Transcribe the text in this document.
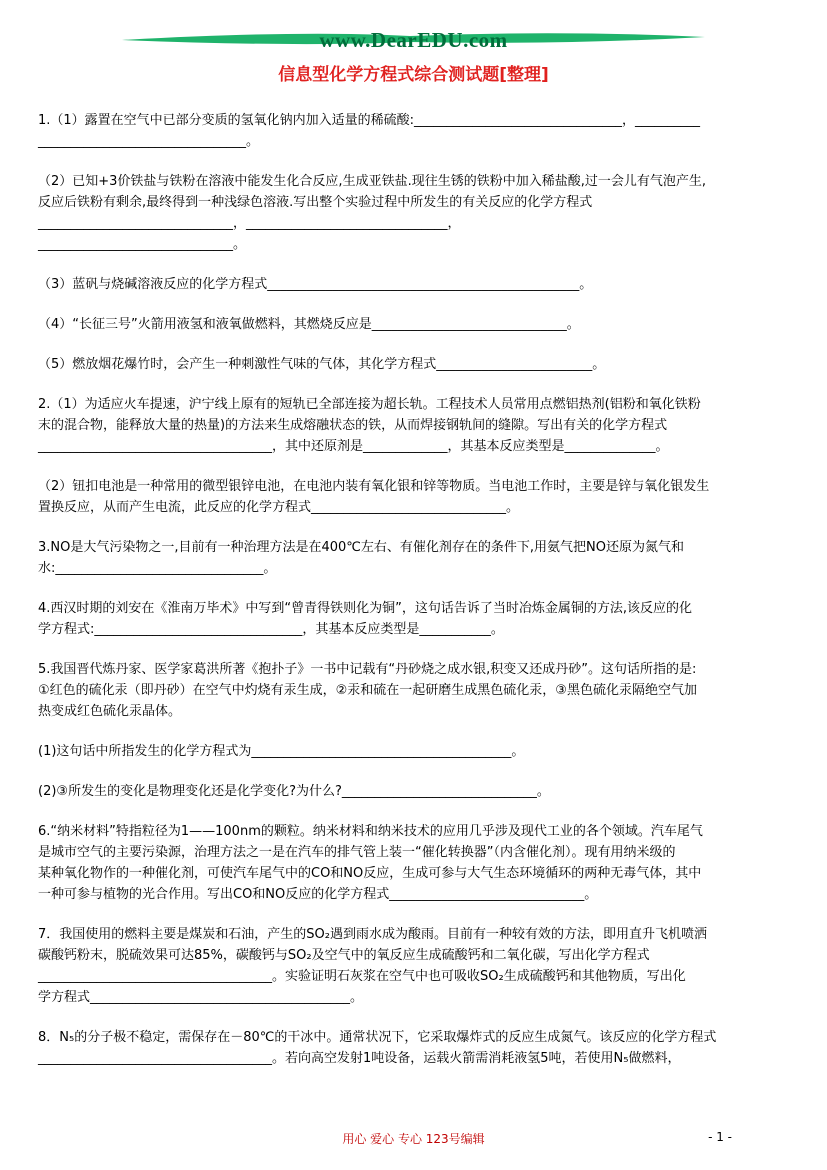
www.DearEDU.com
信息型化学方程式综合测试题[整理]
1.（1）露置在空气中已部分变质的氢氧化钠内加入适量的稀硫酸:________________________________，__________
________________________________。
（2）已知+3价铁盐与铁粉在溶液中能发生化合反应,生成亚铁盐.现往生锈的铁粉中加入稀盐酸,过一会儿有气泡产生,
反应后铁粉有剩余,最终得到一种浅绿色溶液.写出整个实验过程中所发生的有关反应的化学方程式
______________________________，_______________________________，
______________________________。
（3）蓝矾与烧碱溶液反应的化学方程式________________________________________________。
（4）“长征三号”火箭用液氢和液氧做燃料，其燃烧反应是______________________________。
（5）燃放烟花爆竹时，会产生一种刺激性气味的气体，其化学方程式________________________。
2.（1）为适应火车提速，沪宁线上原有的短轨已全部连接为超长轨。工程技术人员常用点燃铝热剂(铝粉和氧化铁粉
末的混合物，能释放大量的热量)的方法来生成熔融状态的铁，从而焊接钢轨间的缝隙。写出有关的化学方程式
____________________________________，其中还原剂是_____________，其基本反应类型是______________。
（2）钮扣电池是一种常用的微型银锌电池，在电池内装有氧化银和锌等物质。当电池工作时，主要是锌与氧化银发生
置换反应，从而产生电流，此反应的化学方程式______________________________。
3.NO是大气污染物之一,目前有一种治理方法是在400℃左右、有催化剂存在的条件下,用氨气把NO还原为氮气和
水:________________________________。
4.西汉时期的刘安在《淮南万毕术》中写到“曾青得铁则化为铜”，这句话告诉了当时冶炼金属铜的方法,该反应的化
学方程式:________________________________，其基本反应类型是___________。
5.我国晋代炼丹家、医学家葛洪所著《抱扑子》一书中记载有“丹砂烧之成水银,积变又还成丹砂”。这句话所指的是:
①红色的硫化汞（即丹砂）在空气中灼烧有汞生成，②汞和硫在一起研磨生成黑色硫化汞，③黑色硫化汞隔绝空气加
热变成红色硫化汞晶体。
(1)这句话中所指发生的化学方程式为________________________________________。
(2)③所发生的变化是物理变化还是化学变化?为什么?______________________________。
6.“纳米材料”特指粒径为1——100nm的颗粒。纳米材料和纳米技术的应用几乎涉及现代工业的各个领域。汽车尾气
是城市空气的主要污染源，治理方法之一是在汽车的排气管上装一“催化转换器”（内含催化剂）。现有用纳米级的
某种氧化物作的一种催化剂，可使汽车尾气中的CO和NO反应，生成可参与大气生态环境循环的两种无毒气体，其中
一种可参与植物的光合作用。写出CO和NO反应的化学方程式______________________________。
7．我国使用的燃料主要是煤炭和石油，产生的SO₂遇到雨水成为酸雨。目前有一种较有效的方法，即用直升飞机喷洒
碳酸钙粉末，脱硫效果可达85%，碳酸钙与SO₂及空气中的氧反应生成硫酸钙和二氧化碳，写出化学方程式
____________________________________。实验证明石灰浆在空气中也可吸收SO₂生成硫酸钙和其他物质，写出化
学方程式________________________________________。
8．N₅的分子极不稳定，需保存在－80℃的干冰中。通常状况下，它采取爆炸式的反应生成氮气。该反应的化学方程式
____________________________________。若向高空发射1吨设备，运载火箭需消耗液氢5吨，若使用N₅做燃料，
用心 爱心 专心 123号编辑	- 1 -
